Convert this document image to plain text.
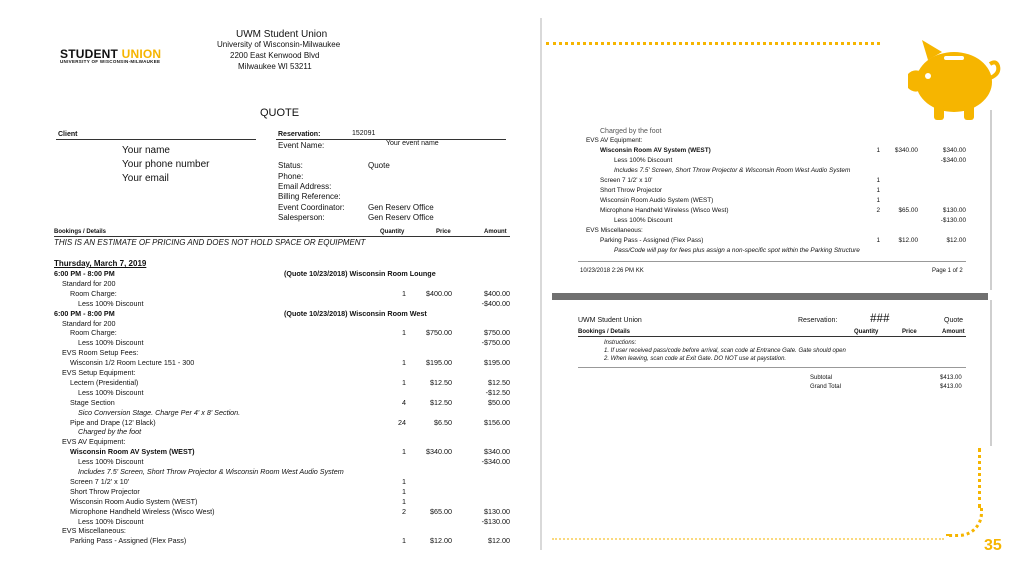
STUDENT UNION
UNIVERSITY OF WISCONSIN-MILWAUKEE
UWM Student Union
University of Wisconsin-Milwaukee
2200 East Kenwood Blvd
Milwaukee WI 53211
QUOTE
Client
Your name
Your phone number
Your email
Reservation:	152091
Event Name:	Your event name
Status:	Quote
Phone:
Email Address:
Billing Reference:
Event Coordinator:	Gen Reserv Office
Salesperson:	Gen Reserv Office
Bookings / Details	Quantity	Price	Amount
THIS IS AN ESTIMATE OF PRICING AND DOES NOT HOLD SPACE OR EQUIPMENT
Thursday, March 7, 2019
6:00 PM - 8:00 PM	(Quote 10/23/2018) Wisconsin Room Lounge
Standard for 200
Room Charge:	1	$400.00	$400.00
Less 100% Discount	-$400.00
6:00 PM - 8:00 PM	(Quote 10/23/2018) Wisconsin Room West
Standard for 200
Room Charge:	1	$750.00	$750.00
Less 100% Discount	-$750.00
EVS Room Setup Fees:
Wisconsin 1/2 Room Lecture 151 - 300	1	$195.00	$195.00
EVS Setup Equipment:
Lectern (Presidential)	1	$12.50	$12.50
Less 100% Discount	-$12.50
Stage Section	4	$12.50	$50.00
Sico Conversion Stage. Charge Per 4' x 8' Section.
Pipe and Drape (12' Black)	24	$6.50	$156.00
Charged by the foot
EVS AV Equipment:
Wisconsin Room AV System (WEST)	1	$340.00	$340.00
Less 100% Discount	-$340.00
Includes 7.5' Screen, Short Throw Projector & Wisconsin Room West Audio System
Screen 7 1/2' x 10'	1
Short Throw Projector	1
Wisconsin Room Audio System (WEST)	1
Microphone Handheld Wireless (Wisco West)	2	$65.00	$130.00
Less 100% Discount	-$130.00
EVS Miscellaneous:
Parking Pass - Assigned (Flex Pass)	1	$12.00	$12.00
Charged by the foot
EVS AV Equipment:
Wisconsin Room AV System (WEST)	1	$340.00	$340.00
Less 100% Discount	-$340.00
Includes 7.5' Screen, Short Throw Projector & Wisconsin Room West Audio System
Screen 7 1/2' x 10'	1
Short Throw Projector	1
Wisconsin Room Audio System (WEST)	1
Microphone Handheld Wireless (Wisco West)	2	$65.00	$130.00
Less 100% Discount	-$130.00
EVS Miscellaneous:
Parking Pass - Assigned (Flex Pass)	1	$12.00	$12.00
Pass/Code will pay for fees plus assign a non-specific spot within the Parking Structure
10/23/2018 2:26 PM KK	Page 1 of 2
UWM Student Union	Reservation:	###	Quote
Bookings / Details	Quantity	Price	Amount
Instructions:
1. If user received pass/code before arrival, scan code at Entrance Gate. Gate should open
2. When leaving, scan code at Exit Gate. DO NOT use at paystation.
Subtotal	$413.00
Grand Total	$413.00
35
